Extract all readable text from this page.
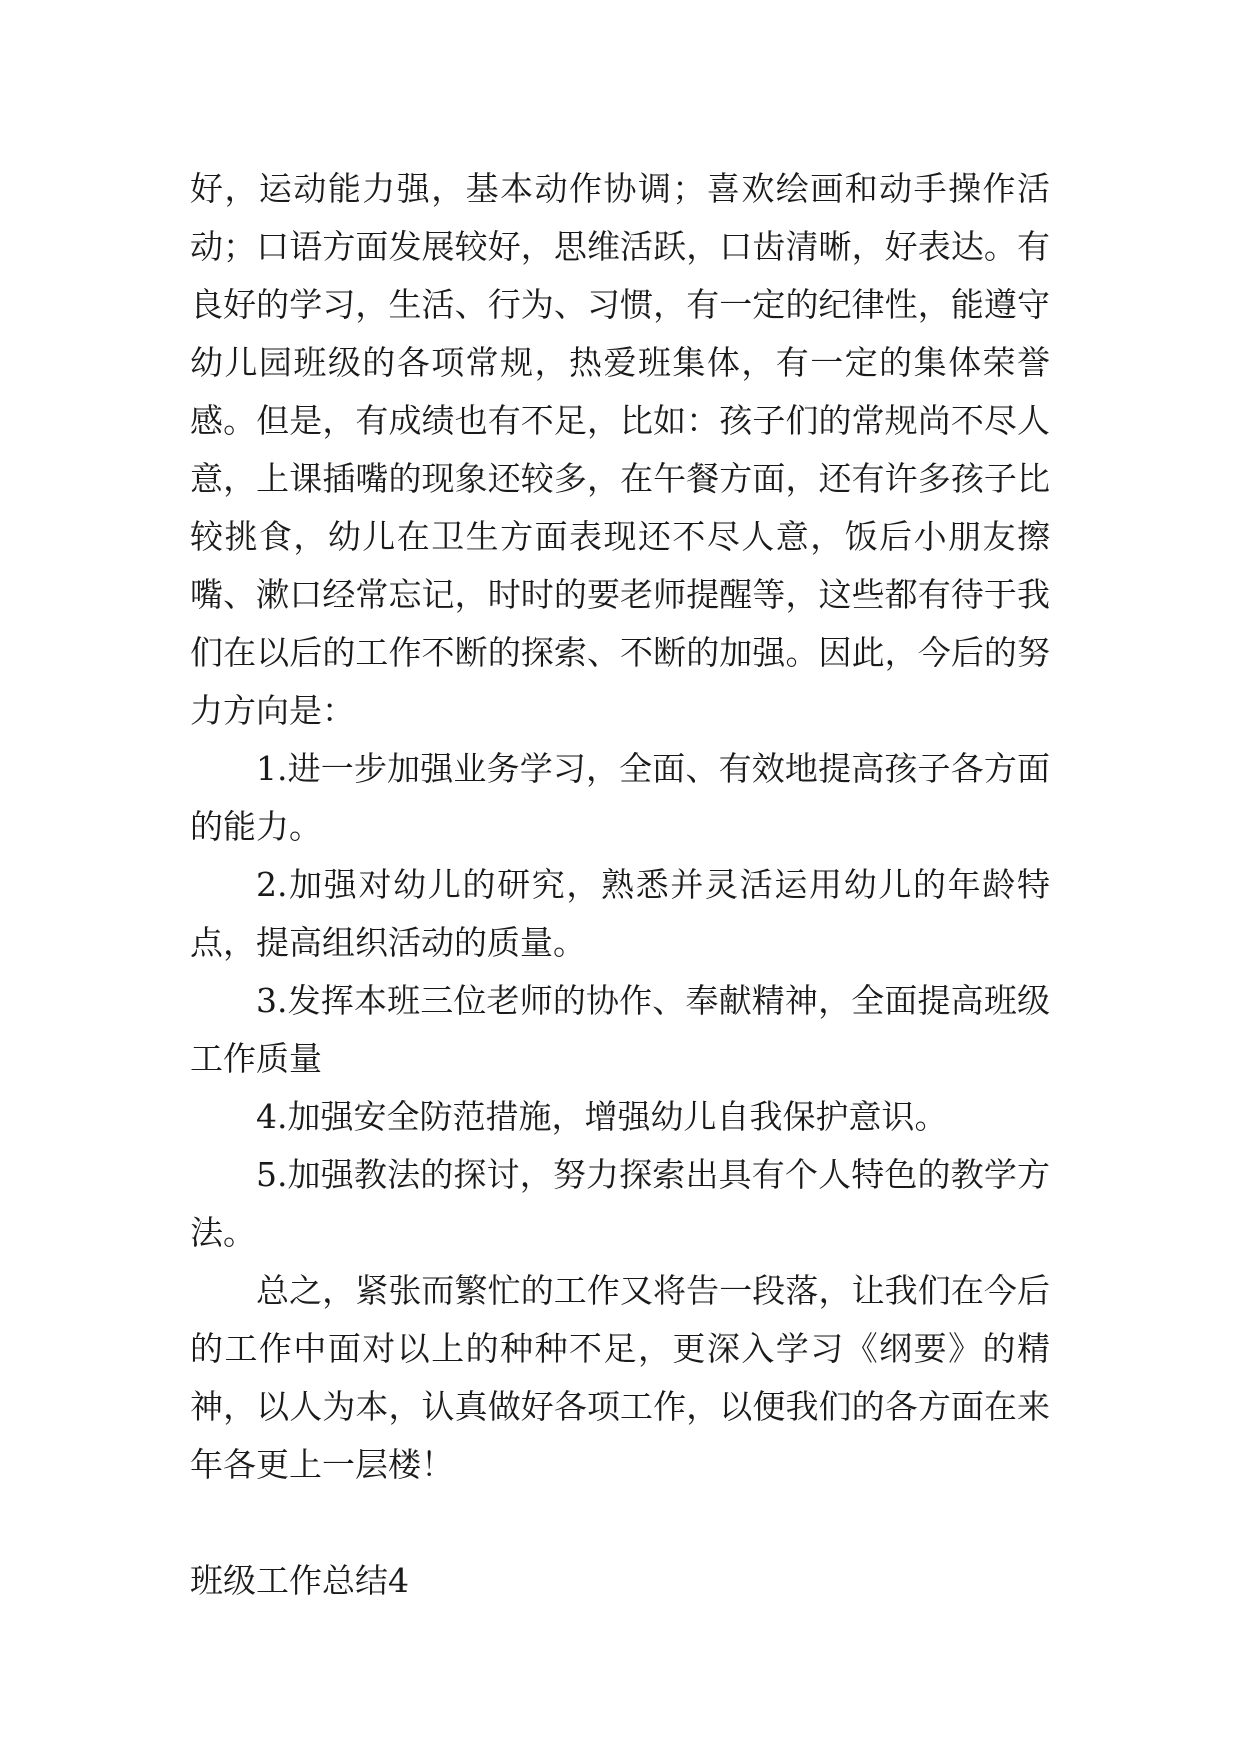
好，运动能力强，基本动作协调；喜欢绘画和动手操作活动；口语方面发展较好，思维活跃，口齿清晰，好表达。有良好的学习，生活、行为、习惯，有一定的纪律性，能遵守幼儿园班级的各项常规，热爱班集体，有一定的集体荣誉感。但是，有成绩也有不足，比如：孩子们的常规尚不尽人意，上课插嘴的现象还较多，在午餐方面，还有许多孩子比较挑食，幼儿在卫生方面表现还不尽人意，饭后小朋友擦嘴、漱口经常忘记，时时的要老师提醒等，这些都有待于我们在以后的工作不断的探索、不断的加强。因此，今后的努力方向是：

1.进一步加强业务学习，全面、有效地提高孩子各方面的能力。

2.加强对幼儿的研究，熟悉并灵活运用幼儿的年龄特点，提高组织活动的质量。

3.发挥本班三位老师的协作、奉献精神，全面提高班级工作质量

4.加强安全防范措施，增强幼儿自我保护意识。

5.加强教法的探讨，努力探索出具有个人特色的教学方法。

总之，紧张而繁忙的工作又将告一段落，让我们在今后的工作中面对以上的种种不足，更深入学习《纲要》的精神，以人为本，认真做好各项工作，以便我们的各方面在来年各更上一层楼！

班级工作总结4
